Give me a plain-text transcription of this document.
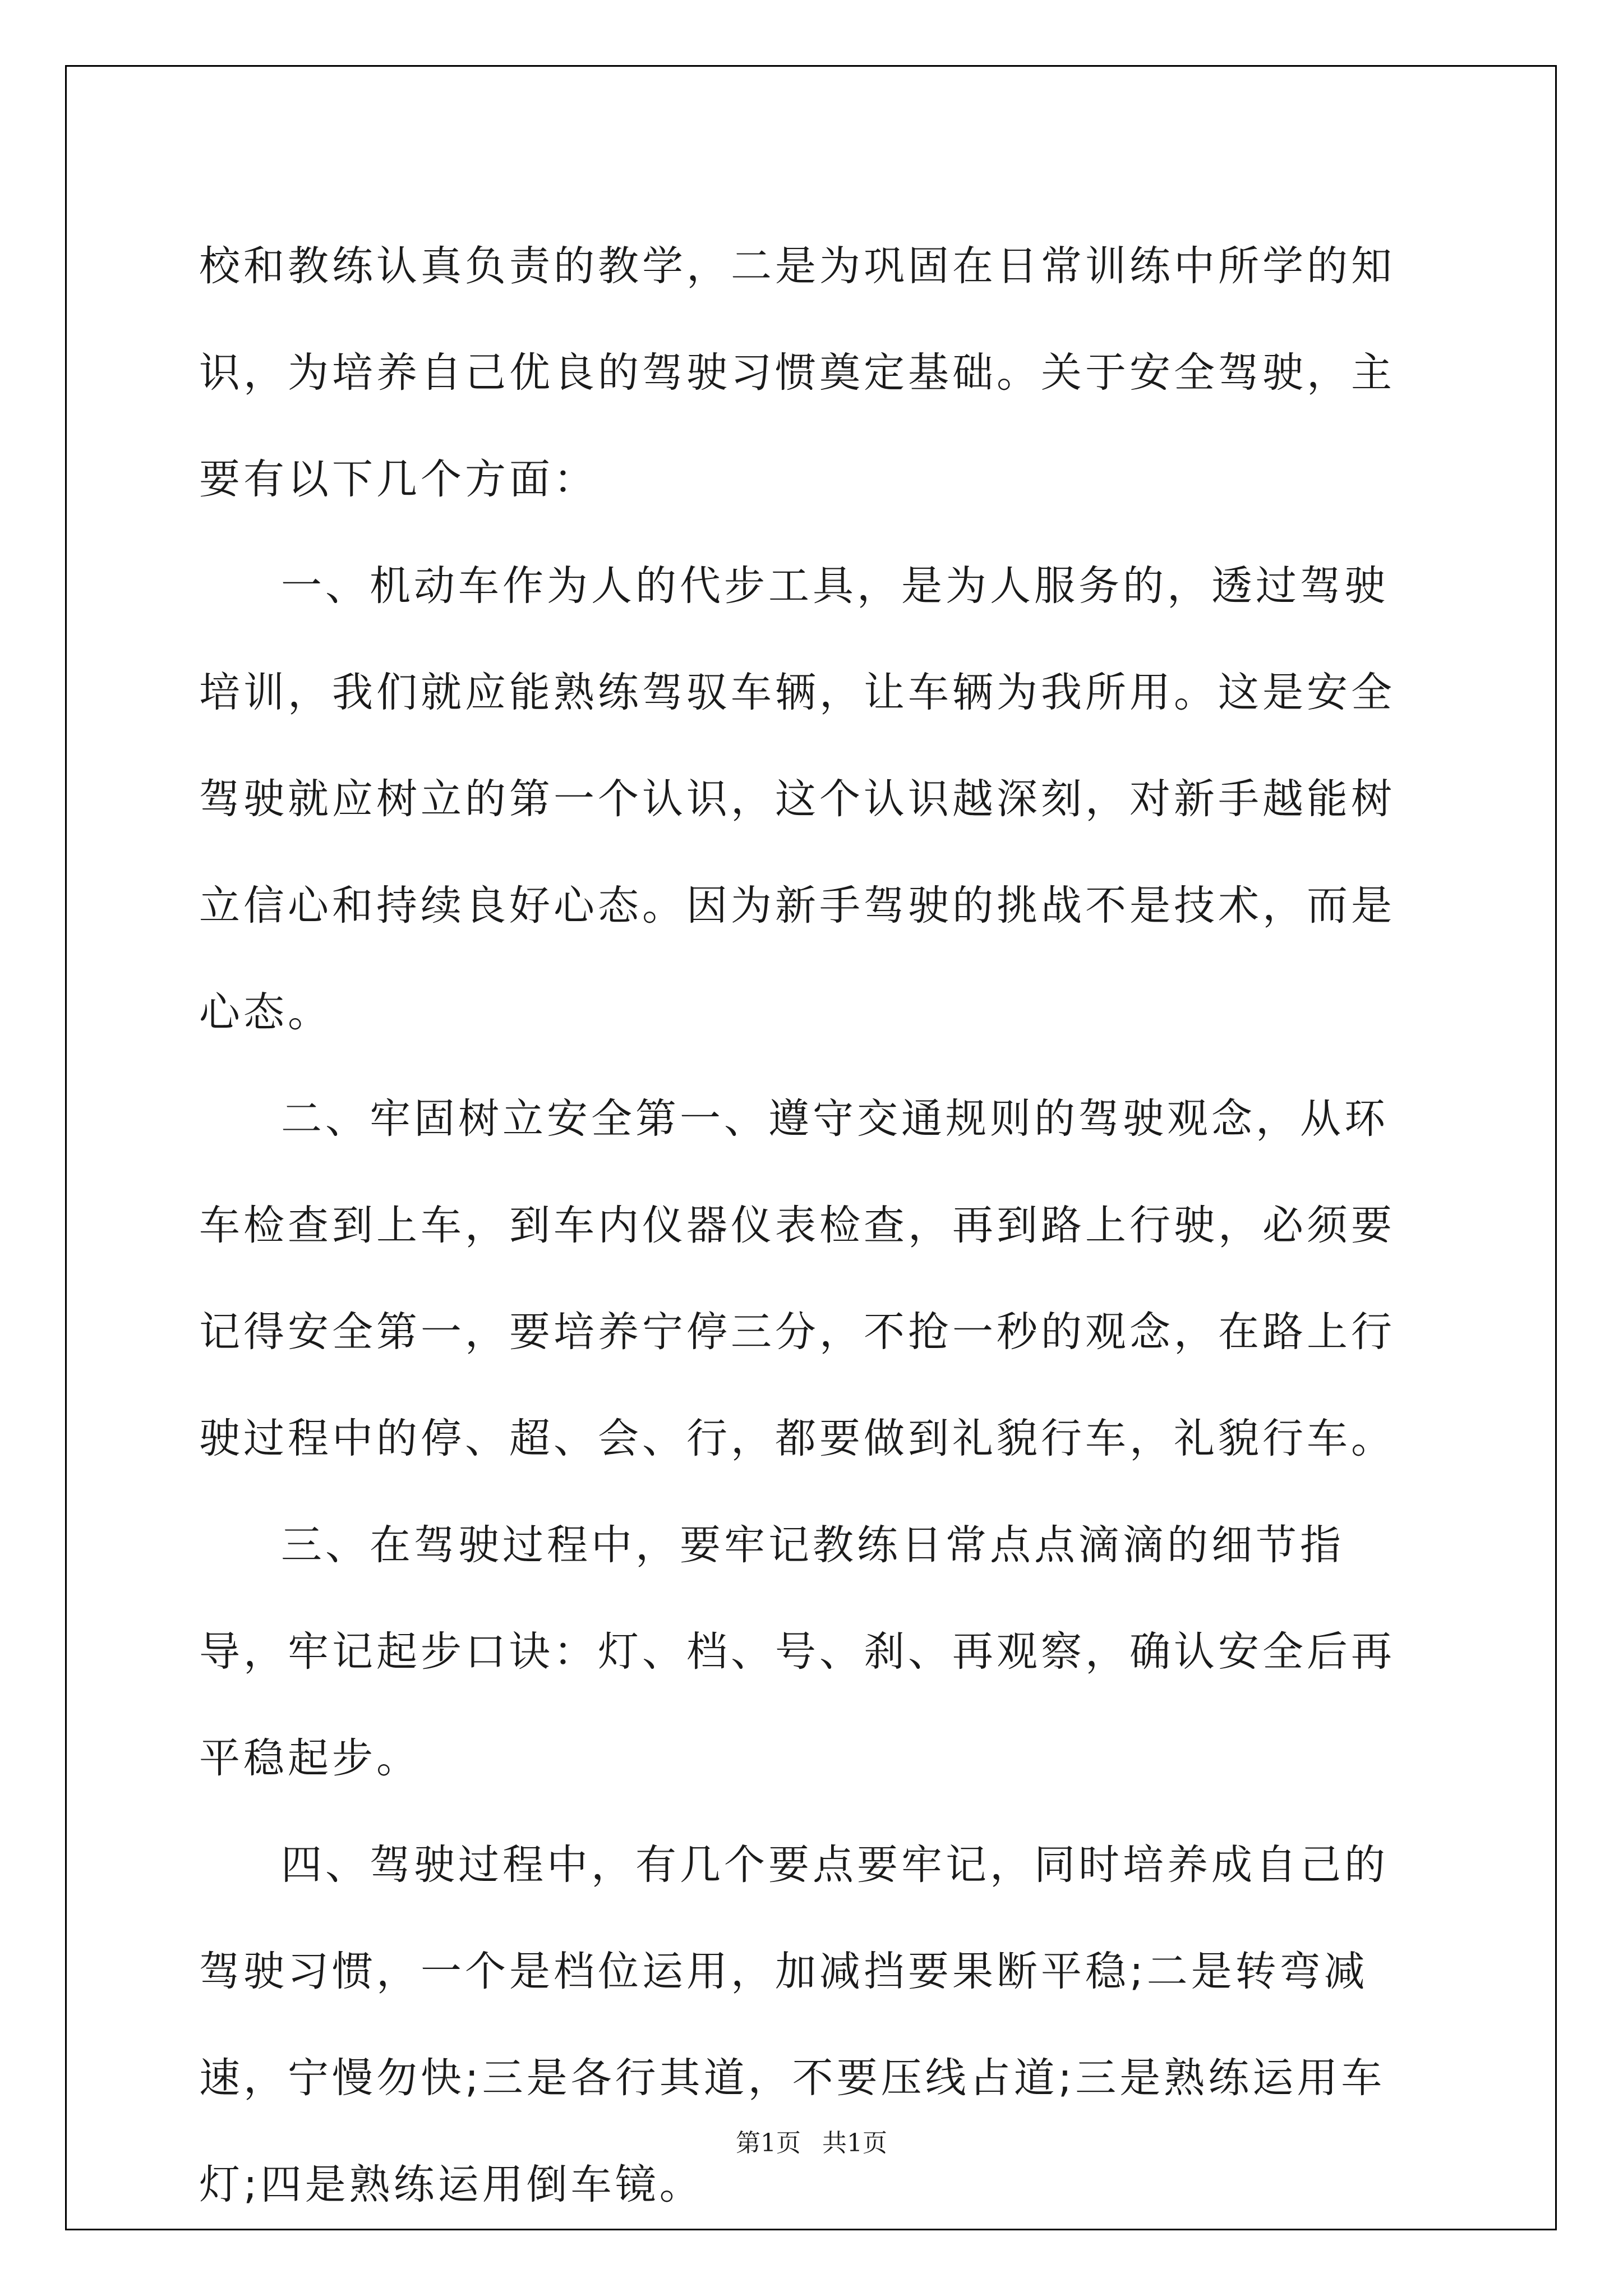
校和教练认真负责的教学，二是为巩固在日常训练中所学的知识，为培养自己优良的驾驶习惯奠定基础。关于安全驾驶，主要有以下几个方面：

一、机动车作为人的代步工具，是为人服务的，透过驾驶培训，我们就应能熟练驾驭车辆，让车辆为我所用。这是安全驾驶就应树立的第一个认识，这个认识越深刻，对新手越能树立信心和持续良好心态。因为新手驾驶的挑战不是技术，而是心态。

二、牢固树立安全第一、遵守交通规则的驾驶观念，从环车检查到上车，到车内仪器仪表检查，再到路上行驶，必须要记得安全第一，要培养宁停三分，不抢一秒的观念，在路上行驶过程中的停、超、会、行，都要做到礼貌行车，礼貌行车。

三、在驾驶过程中，要牢记教练日常点点滴滴的细节指导，牢记起步口诀：灯、档、号、刹、再观察，确认安全后再平稳起步。

四、驾驶过程中，有几个要点要牢记，同时培养成自己的驾驶习惯，一个是档位运用，加减挡要果断平稳;二是转弯减速，宁慢勿快;三是各行其道，不要压线占道;三是熟练运用车灯;四是熟练运用倒车镜。

第1页 共1页
